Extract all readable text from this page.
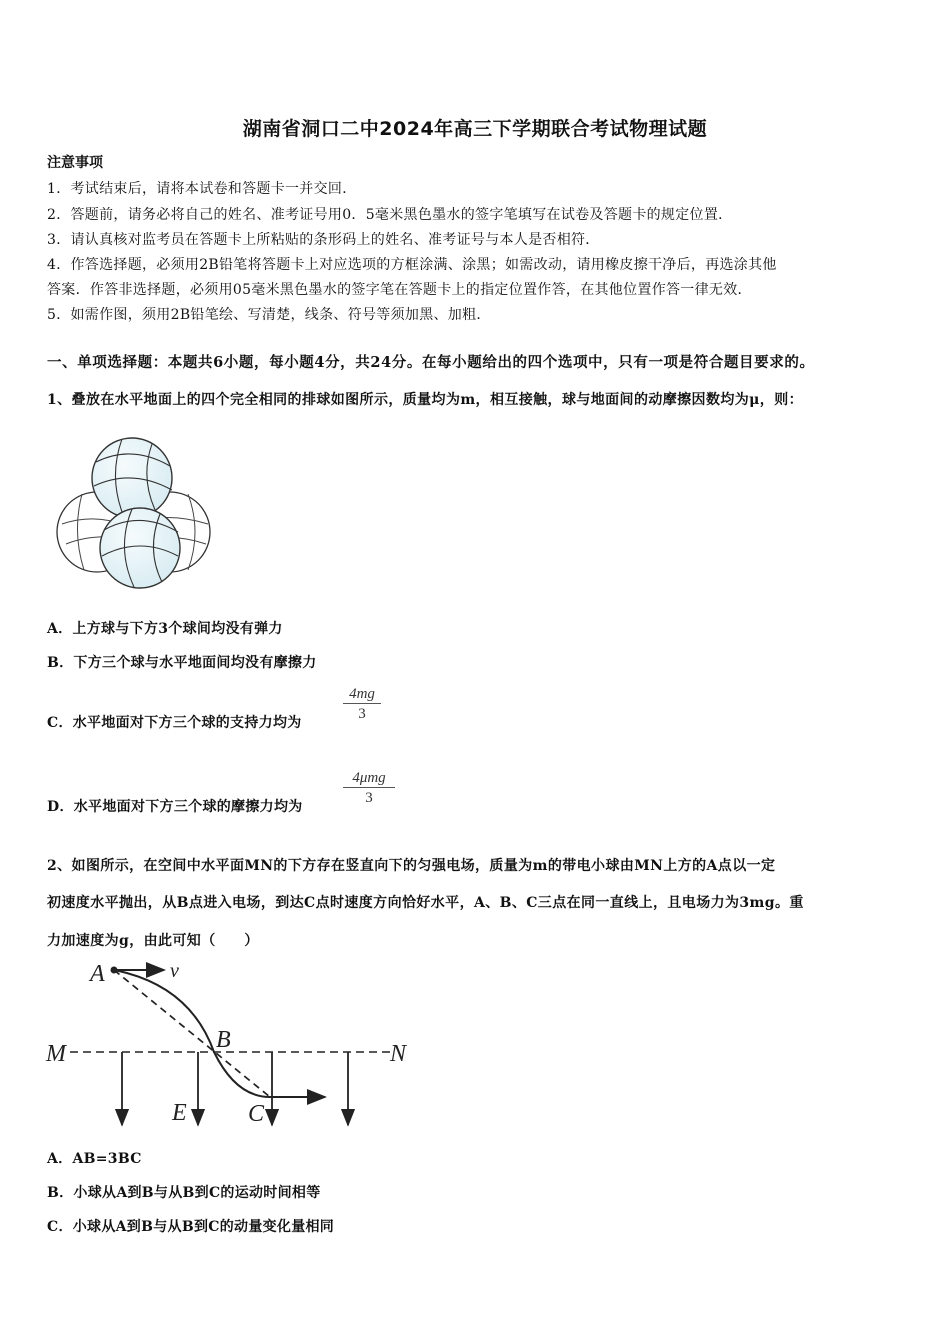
湖南省洞口二中2024年高三下学期联合考试物理试题
注意事项
1．考试结束后，请将本试卷和答题卡一并交回．
2．答题前，请务必将自己的姓名、准考证号用0．5毫米黑色墨水的签字笔填写在试卷及答题卡的规定位置．
3．请认真核对监考员在答题卡上所粘贴的条形码上的姓名、准考证号与本人是否相符．
4．作答选择题，必须用2B铅笔将答题卡上对应选项的方框涂满、涂黑；如需改动，请用橡皮擦干净后，再选涂其他
答案．作答非选择题，必须用05毫米黑色墨水的签字笔在答题卡上的指定位置作答，在其他位置作答一律无效．
5．如需作图，须用2B铅笔绘、写清楚，线条、符号等须加黑、加粗．
一、单项选择题：本题共6小题，每小题4分，共24分。在每小题给出的四个选项中，只有一项是符合题目要求的。
1、叠放在水平地面上的四个完全相同的排球如图所示，质量均为m，相互接触，球与地面间的动摩擦因数均为μ，则：
A．上方球与下方3个球间均没有弹力
B．下方三个球与水平地面间均没有摩擦力
C．水平地面对下方三个球的支持力均为	$\frac{4mg}{3}$
D．水平地面对下方三个球的摩擦力均为
4μmg
3
2、如图所示，在空间中水平面MN的下方存在竖直向下的匀强电场，质量为m的带电小球由MN上方的A点以一定
初速度水平抛出，从B点进入电场，到达C点时速度方向恰好水平，A、B、C三点在同一直线上，且电场力为3mg。重
力加速度为g，由此可知（　　）
A	v
M
B
N
E	C
A．AB=3BC
B．小球从A到B与从B到C的运动时间相等
C．小球从A到B与从B到C的动量变化量相同
